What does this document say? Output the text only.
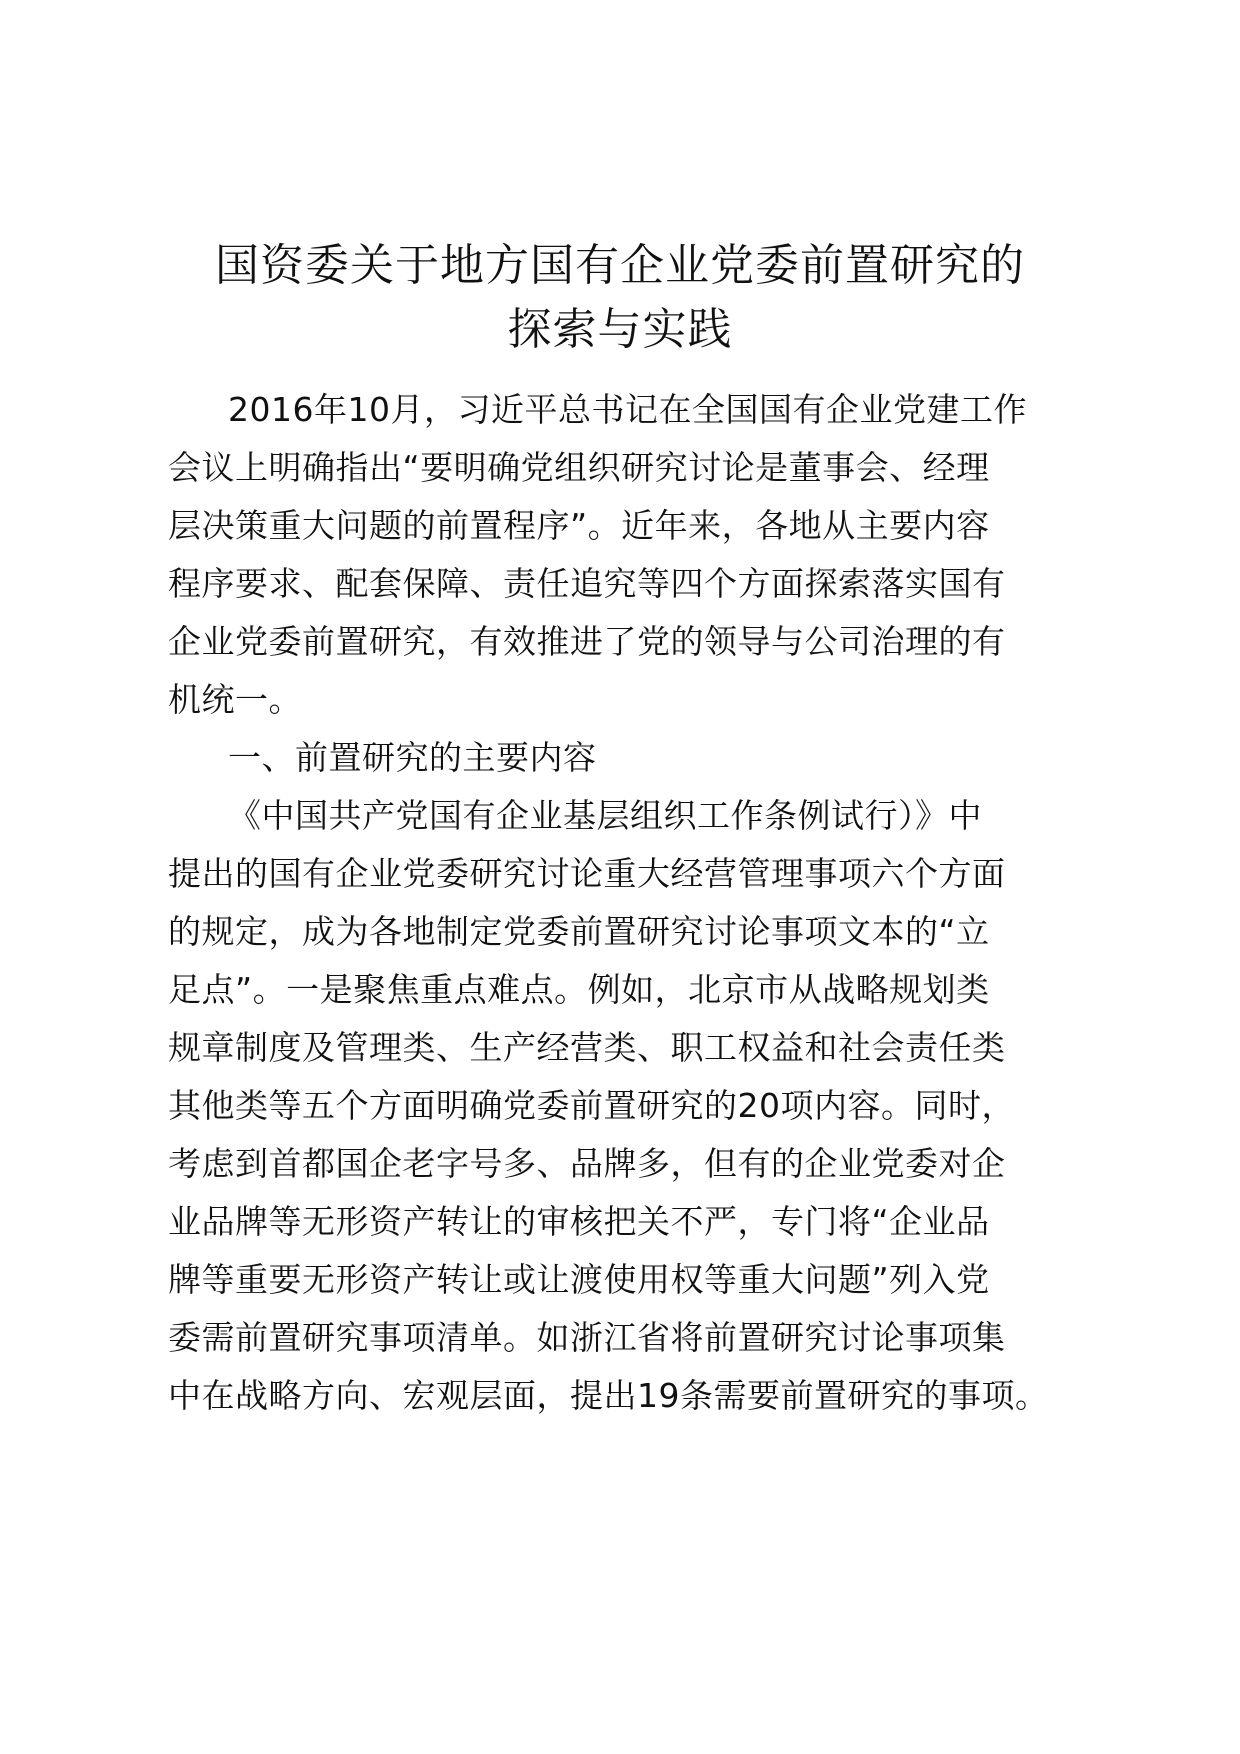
国资委关于地方国有企业党委前置研究的
探索与实践
2016年10月，习近平总书记在全国国有企业党建工作
会议上明确指出“要明确党组织研究讨论是董事会、经理
层决策重大问题的前置程序”。近年来，各地从主要内容
程序要求、配套保障、责任追究等四个方面探索落实国有
企业党委前置研究，有效推进了党的领导与公司治理的有
机统一。
一、前置研究的主要内容
《中国共产党国有企业基层组织工作条例试行）》中
提出的国有企业党委研究讨论重大经营管理事项六个方面
的规定，成为各地制定党委前置研究讨论事项文本的“立
足点”。一是聚焦重点难点。例如，北京市从战略规划类
规章制度及管理类、生产经营类、职工权益和社会责任类
其他类等五个方面明确党委前置研究的20项内容。同时，
考虑到首都国企老字号多、品牌多，但有的企业党委对企
业品牌等无形资产转让的审核把关不严，专门将“企业品
牌等重要无形资产转让或让渡使用权等重大问题”列入党
委需前置研究事项清单。如浙江省将前置研究讨论事项集
中在战略方向、宏观层面，提出19条需要前置研究的事项。
